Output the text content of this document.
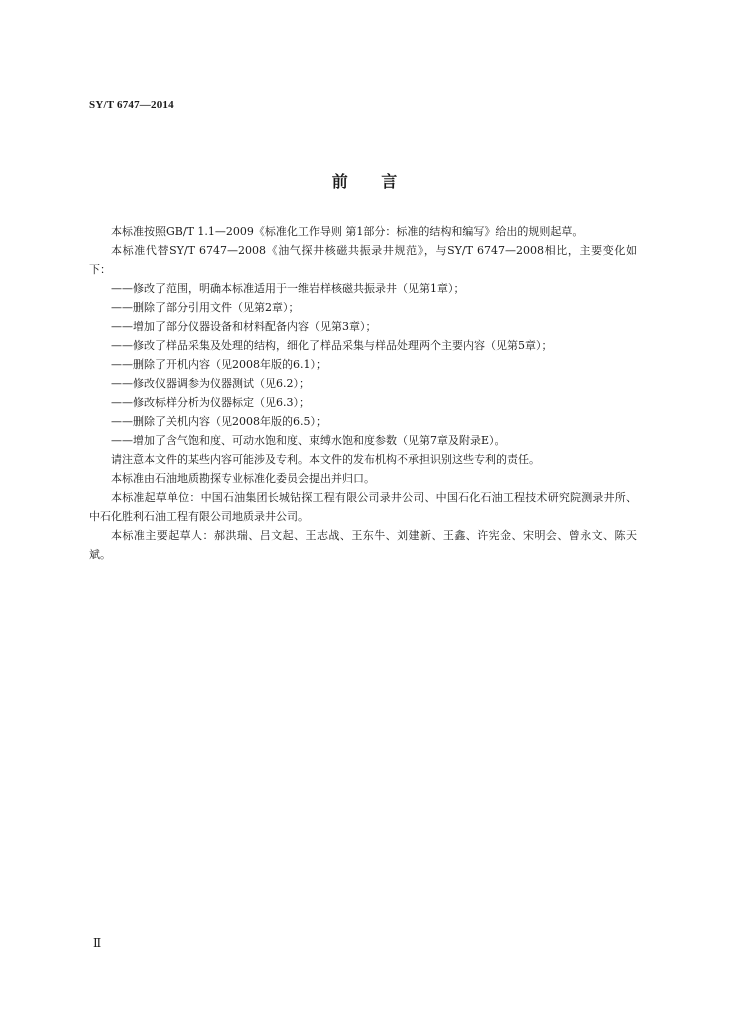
SY/T 6747—2014
前 言

本标准按照GB/T 1.1—2009《标准化工作导则 第1部分：标准的结构和编写》给出的规则起草。

本标准代替SY/T 6747—2008《油气探井核磁共振录井规范》，与SY/T 6747—2008相比，主要变化如下：

——修改了范围，明确本标准适用于一维岩样核磁共振录井（见第1章）；

——删除了部分引用文件（见第2章）；

——增加了部分仪器设备和材料配备内容（见第3章）；

——修改了样品采集及处理的结构，细化了样品采集与样品处理两个主要内容（见第5章）；

——删除了开机内容（见2008年版的6.1）；

——修改仪器调参为仪器测试（见6.2）；

——修改标样分析为仪器标定（见6.3）；

——删除了关机内容（见2008年版的6.5）；

——增加了含气饱和度、可动水饱和度、束缚水饱和度参数（见第7章及附录E）。

请注意本文件的某些内容可能涉及专利。本文件的发布机构不承担识别这些专利的责任。

本标准由石油地质勘探专业标准化委员会提出并归口。

本标准起草单位：中国石油集团长城钻探工程有限公司录井公司、中国石化石油工程技术研究院测录井所、中石化胜利石油工程有限公司地质录井公司。

本标准主要起草人：郝洪瑞、吕文起、王志战、王东牛、刘建新、王鑫、许宪金、宋明会、曾永文、陈天斌。

Ⅱ
